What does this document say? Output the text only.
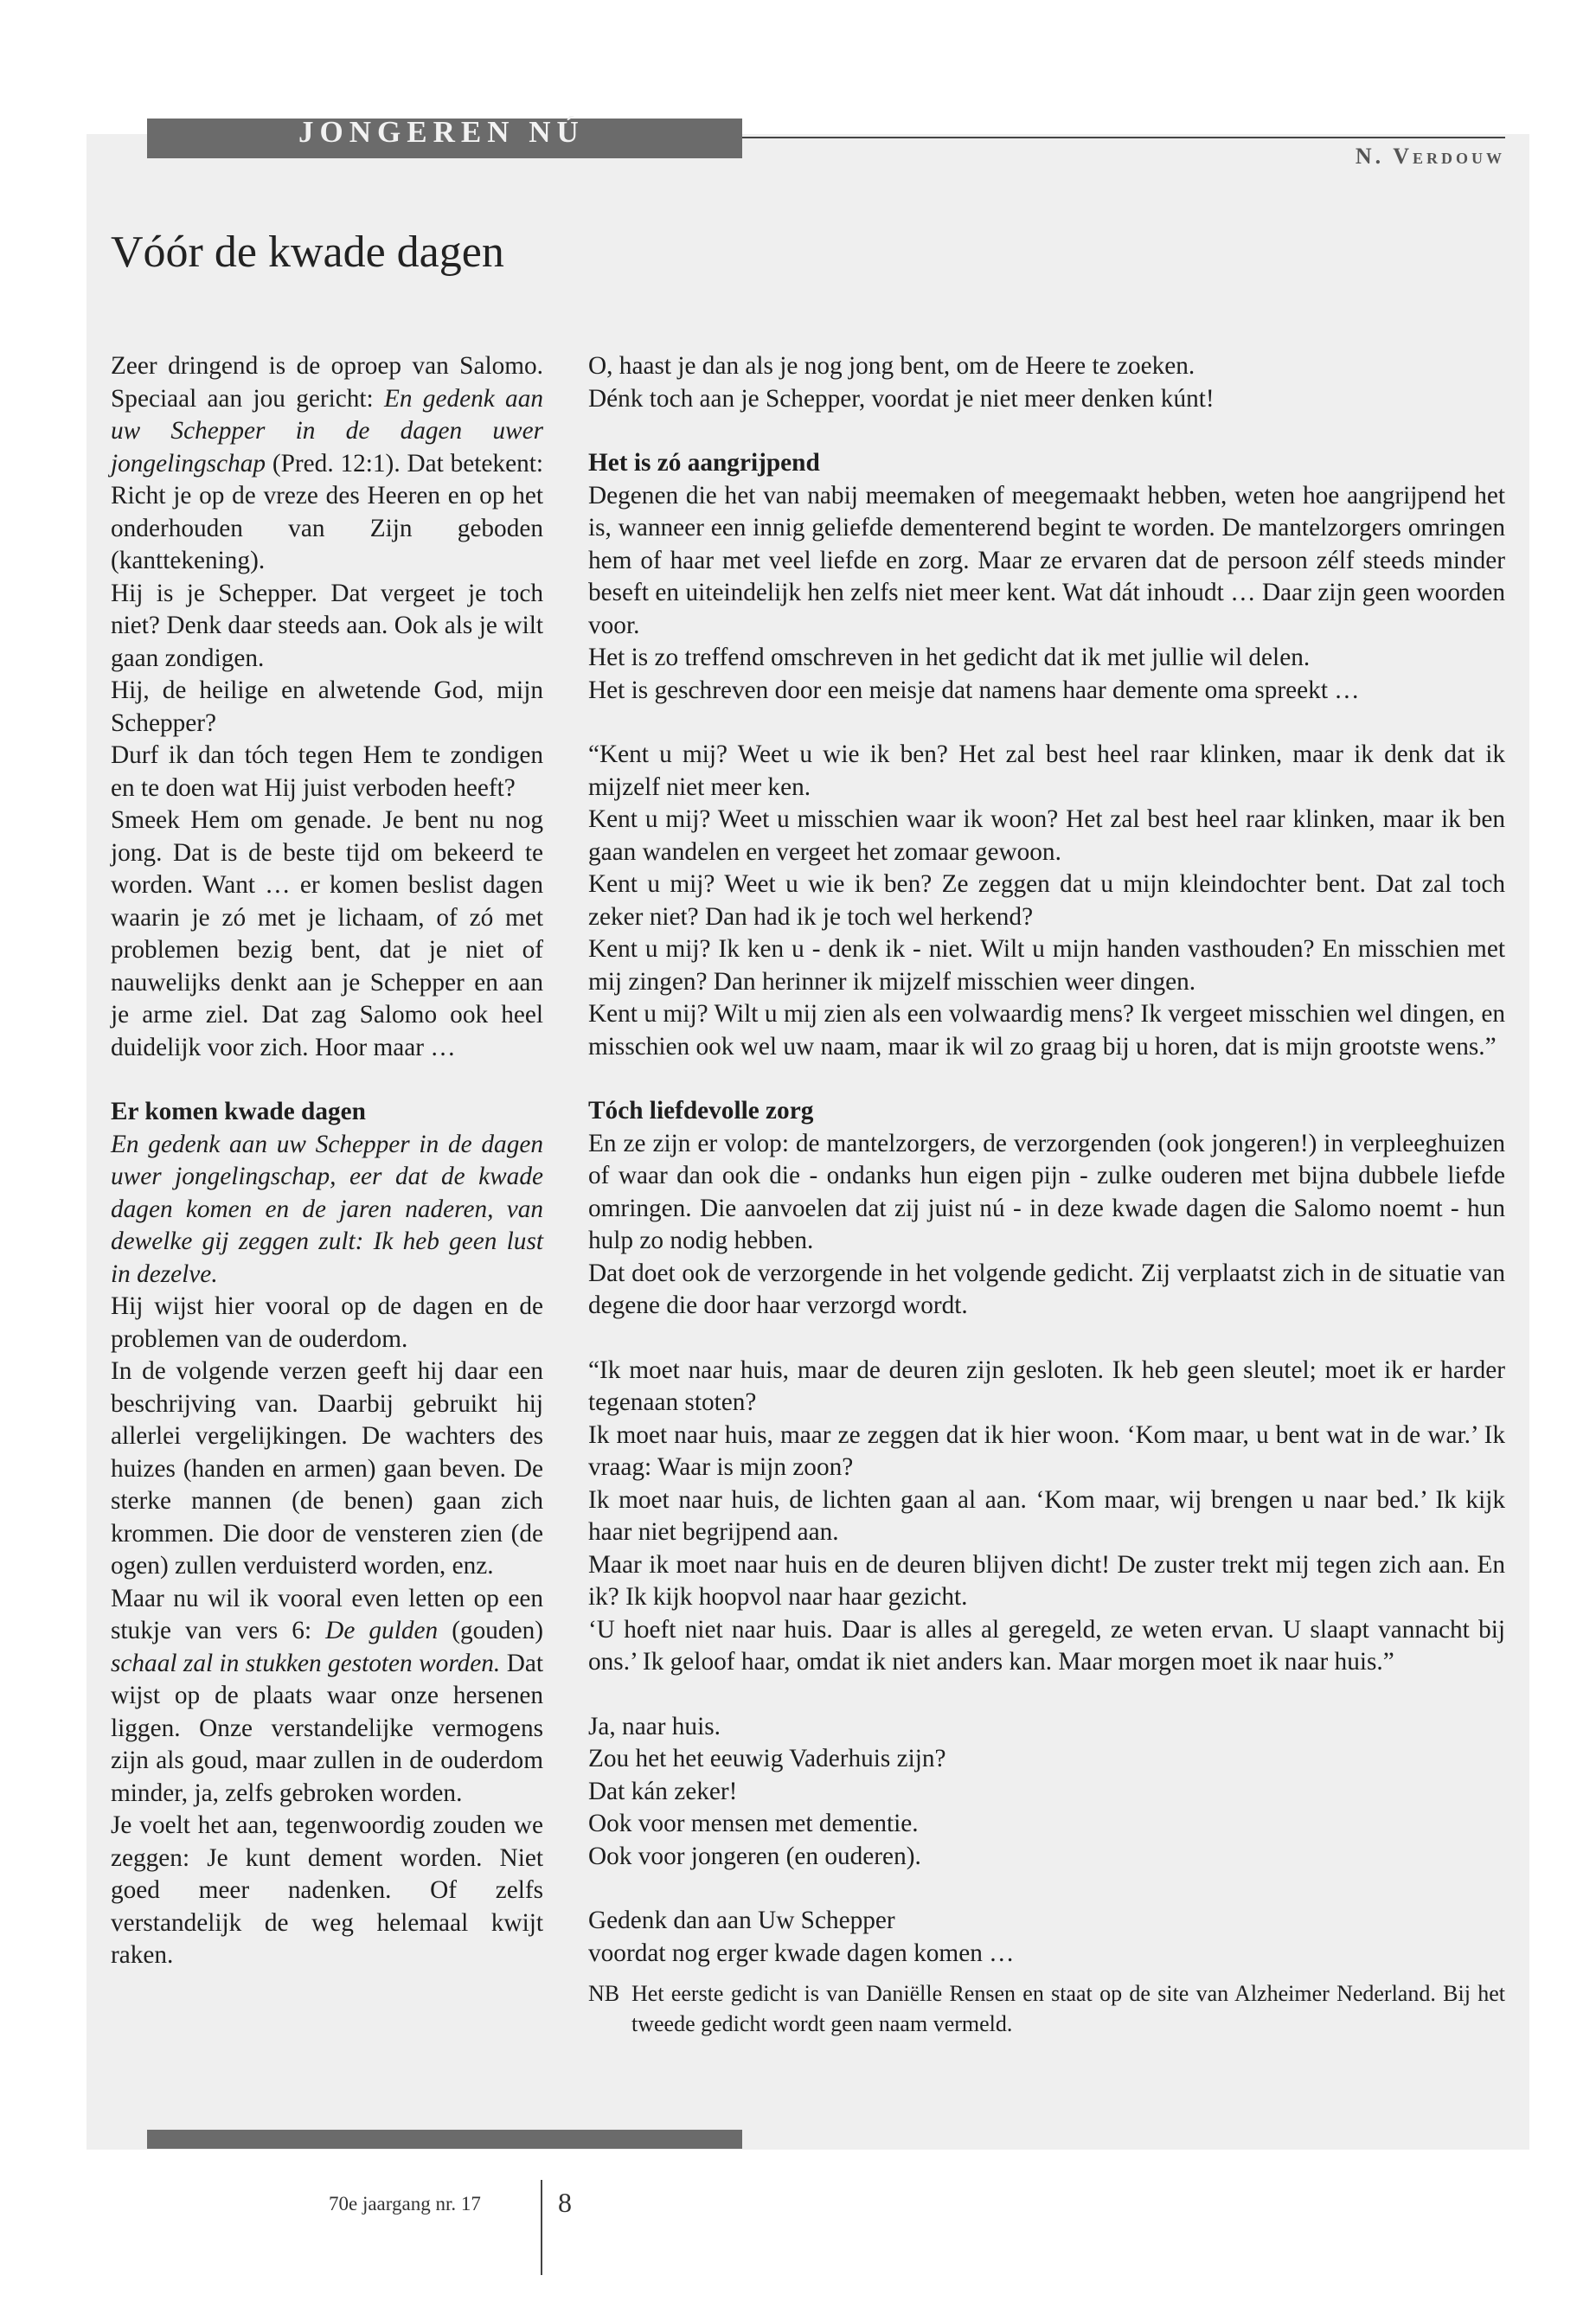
JONGEREN NÚ
N. Verdouw
Vóór de kwade dagen

Zeer dringend is de oproep van Salomo. Speciaal aan jou gericht: En gedenk aan uw Schepper in de dagen uwer jongelingschap (Pred. 12:1). Dat betekent: Richt je op de vreze des Heeren en op het onderhouden van Zijn geboden (kanttekening).

Hij is je Schepper. Dat vergeet je toch niet? Denk daar steeds aan. Ook als je wilt gaan zondigen.

Hij, de heilige en alwetende God, mijn Schepper?

Durf ik dan tóch tegen Hem te zondigen en te doen wat Hij juist verboden heeft?

Smeek Hem om genade. Je bent nu nog jong. Dat is de beste tijd om bekeerd te worden. Want … er komen beslist dagen waarin je zó met je lichaam, of zó met problemen bezig bent, dat je niet of nauwelijks denkt aan je Schepper en aan je arme ziel. Dat zag Salomo ook heel duidelijk voor zich. Hoor maar …

Er komen kwade dagen

En gedenk aan uw Schepper in de dagen uwer jongelingschap, eer dat de kwade dagen komen en de jaren naderen, van dewelke gij zeggen zult: Ik heb geen lust in dezelve.

Hij wijst hier vooral op de dagen en de problemen van de ouderdom.

In de volgende verzen geeft hij daar een beschrijving van. Daarbij gebruikt hij allerlei vergelijkingen. De wachters des huizes (handen en armen) gaan beven. De sterke mannen (de benen) gaan zich krommen. Die door de vensteren zien (de ogen) zullen verduisterd worden, enz.

Maar nu wil ik vooral even letten op een stukje van vers 6: De gulden (gouden) schaal zal in stukken gestoten worden. Dat wijst op de plaats waar onze hersenen liggen. Onze verstandelijke vermogens zijn als goud, maar zullen in de ouderdom minder, ja, zelfs gebroken worden.

Je voelt het aan, tegenwoordig zouden we zeggen: Je kunt dement worden. Niet goed meer nadenken. Of zelfs verstandelijk de weg helemaal kwijt raken.

O, haast je dan als je nog jong bent, om de Heere te zoeken.

Dénk toch aan je Schepper, voordat je niet meer denken kúnt!

Het is zó aangrijpend

Degenen die het van nabij meemaken of meegemaakt hebben, weten hoe aangrijpend het is, wanneer een innig geliefde dementerend begint te worden. De mantelzorgers omringen hem of haar met veel liefde en zorg. Maar ze ervaren dat de persoon zélf steeds minder beseft en uiteindelijk hen zelfs niet meer kent. Wat dát inhoudt … Daar zijn geen woorden voor.

Het is zo treffend omschreven in het gedicht dat ik met jullie wil delen.

Het is geschreven door een meisje dat namens haar demente oma spreekt …

“Kent u mij? Weet u wie ik ben? Het zal best heel raar klinken, maar ik denk dat ik mijzelf niet meer ken.

Kent u mij? Weet u misschien waar ik woon? Het zal best heel raar klinken, maar ik ben gaan wandelen en vergeet het zomaar gewoon.

Kent u mij? Weet u wie ik ben? Ze zeggen dat u mijn kleindochter bent. Dat zal toch zeker niet? Dan had ik je toch wel herkend?

Kent u mij? Ik ken u - denk ik - niet. Wilt u mijn handen vasthouden? En misschien met mij zingen? Dan herinner ik mijzelf misschien weer dingen.

Kent u mij? Wilt u mij zien als een volwaardig mens? Ik vergeet misschien wel dingen, en misschien ook wel uw naam, maar ik wil zo graag bij u horen, dat is mijn grootste wens.”

Tóch liefdevolle zorg

En ze zijn er volop: de mantelzorgers, de verzorgenden (ook jongeren!) in verpleeghuizen of waar dan ook die - ondanks hun eigen pijn - zulke ouderen met bijna dubbele liefde omringen. Die aanvoelen dat zij juist nú - in deze kwade dagen die Salomo noemt - hun hulp zo nodig hebben.

Dat doet ook de verzorgende in het volgende gedicht. Zij verplaatst zich in de situatie van degene die door haar verzorgd wordt.

“Ik moet naar huis, maar de deuren zijn gesloten. Ik heb geen sleutel; moet ik er harder tegenaan stoten?

Ik moet naar huis, maar ze zeggen dat ik hier woon. ‘Kom maar, u bent wat in de war.’ Ik vraag: Waar is mijn zoon?

Ik moet naar huis, de lichten gaan al aan. ‘Kom maar, wij brengen u naar bed.’ Ik kijk haar niet begrijpend aan.

Maar ik moet naar huis en de deuren blijven dicht! De zuster trekt mij tegen zich aan. En ik? Ik kijk hoopvol naar haar gezicht.

‘U hoeft niet naar huis. Daar is alles al geregeld, ze weten ervan. U slaapt vannacht bij ons.’ Ik geloof haar, omdat ik niet anders kan. Maar morgen moet ik naar huis.”

Ja, naar huis.

Zou het het eeuwig Vaderhuis zijn?

Dat kán zeker!

Ook voor mensen met dementie.

Ook voor jongeren (en ouderen).

Gedenk dan aan Uw Schepper

voordat nog erger kwade dagen komen …

NB Het eerste gedicht is van Daniëlle Rensen en staat op de site van Alzheimer Nederland. Bij het tweede gedicht wordt geen naam vermeld.
70e jaargang nr. 17	8
